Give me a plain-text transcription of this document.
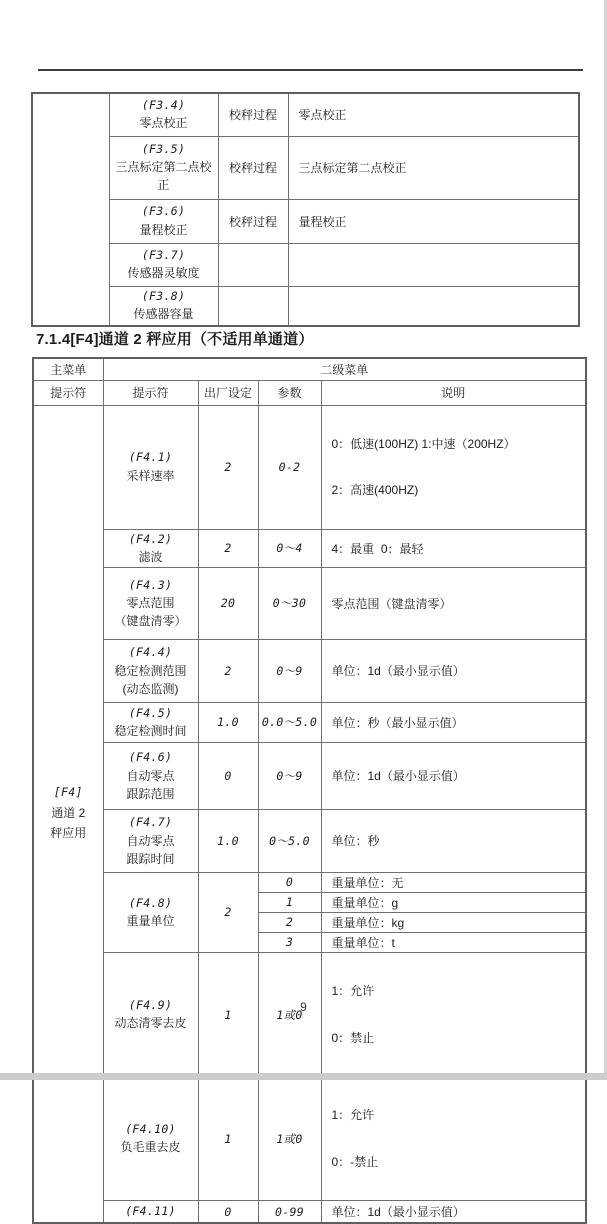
	(F3.4)
零点校正	校秤过程	零点校正

	(F3.5)
三点标定第二点校正	校秤过程	三点标定第二点校正

	(F3.6)
量程校正	校秤过程	量程校正

	(F3.7)
传感器灵敏度		

	(F3.8)
传感器容量		

7.1.4[F4]通道 2 秤应用（不适用单通道）
主菜单	二级菜单			
提示符	提示符	出厂设定	参数	说明

[F4]
通道 2
秤应用

(F4.1)
采样速率
	2	0-2	

0：低速(100HZ) 1:中速（200HZ）

2：高速(400HZ)

	(F4.2)
滤波	2	0～4	4：最重  0：最轻

	(F4.3)
零点范围
（键盘清零）	20	0～30	零点范围（键盘清零）

	(F4.4)
稳定检测范围
(动态监测)	2	0～9	单位：1d（最小显示值）

	(F4.5)
稳定检测时间	1.0	0.0～5.0	单位：秒（最小显示值）

	(F4.6)
自动零点
跟踪范围	0	0～9	单位：1d（最小显示值）

	(F4.7)
自动零点
跟踪时间	1.0	0～5.0	单位：秒

	(F4.8)
重量单位	2	0	重量单位：无
			1	重量单位：g
			2	重量单位：kg
			3	重量单位：t

(F4.9)
动态清零去皮
	1	1或0	

1：允许

0：禁止

(F4.10)
负毛重去皮
	1	1或0	

1：允许

0：-禁止

	(F4.11)	0	0-99	单位：1d（最小显示值）
9
